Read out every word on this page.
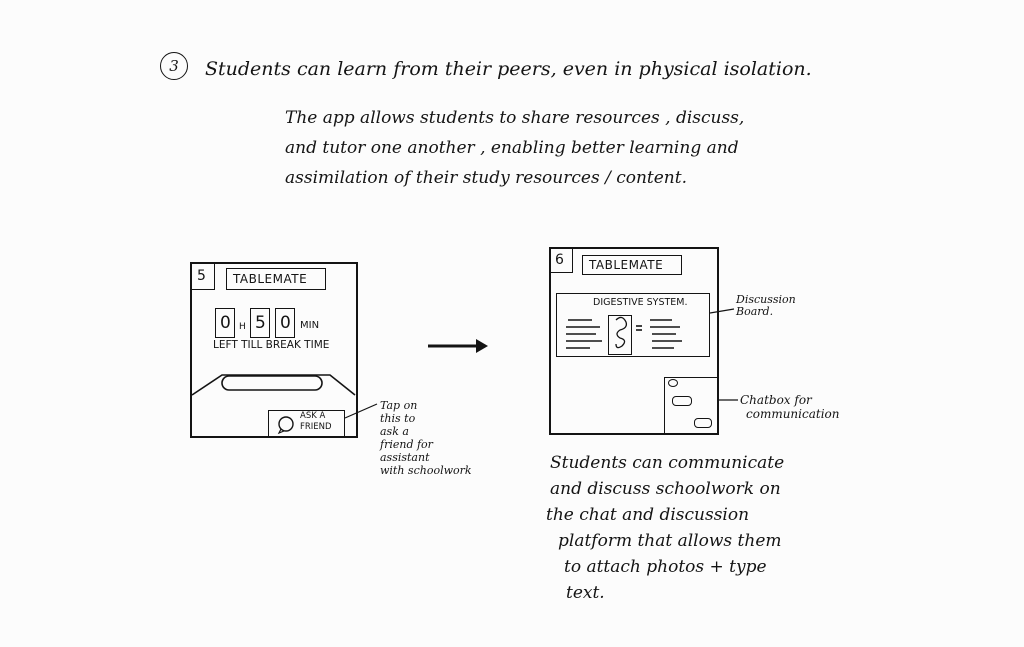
3	Students can learn from their peers, even in physical isolation.
The app allows students to share resources , discuss,
and tutor one another , enabling better learning and
assimilation of their study resources / content.
5 TABLEMATE
0 H 5 0 MIN
LEFT TILL BREAK TIME
ASK A FRIEND
Tap on
this to
ask a
friend for
assistant
with schoolwork
6 TABLEMATE
DIGESTIVE SYSTEM.	Discussion Board.
Chatbox for
communication
Students can communicate
and discuss schoolwork on
the chat and discussion
platform that allows them
to attach photos + type
text.
